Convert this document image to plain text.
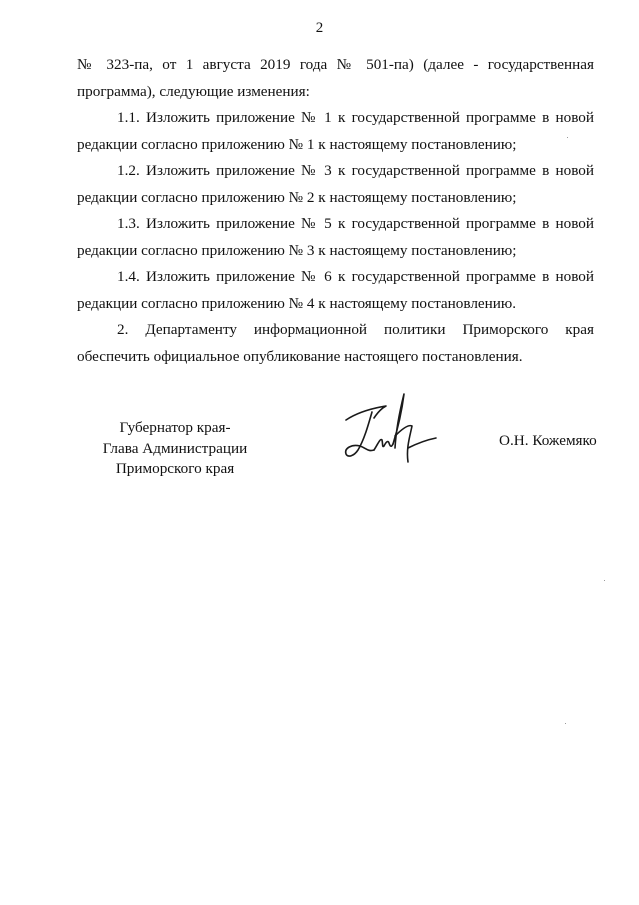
2

№ 323-па, от 1 августа 2019 года № 501-па) (далее - государственная программа), следующие изменения:

1.1. Изложить приложение № 1 к государственной программе в новой редакции согласно приложению № 1 к настоящему постановлению;

1.2. Изложить приложение № 3 к государственной программе в новой редакции согласно приложению № 2 к настоящему постановлению;

1.3. Изложить приложение № 5 к государственной программе в новой редакции согласно приложению № 3 к настоящему постановлению;

1.4. Изложить приложение № 6 к государственной программе в новой редакции согласно приложению № 4 к настоящему постановлению.

2. Департаменту информационной политики Приморского края обеспечить официальное опубликование настоящего постановления.

Губернатор края-
Глава Администрации
Приморского края
О.Н. Кожемяко
